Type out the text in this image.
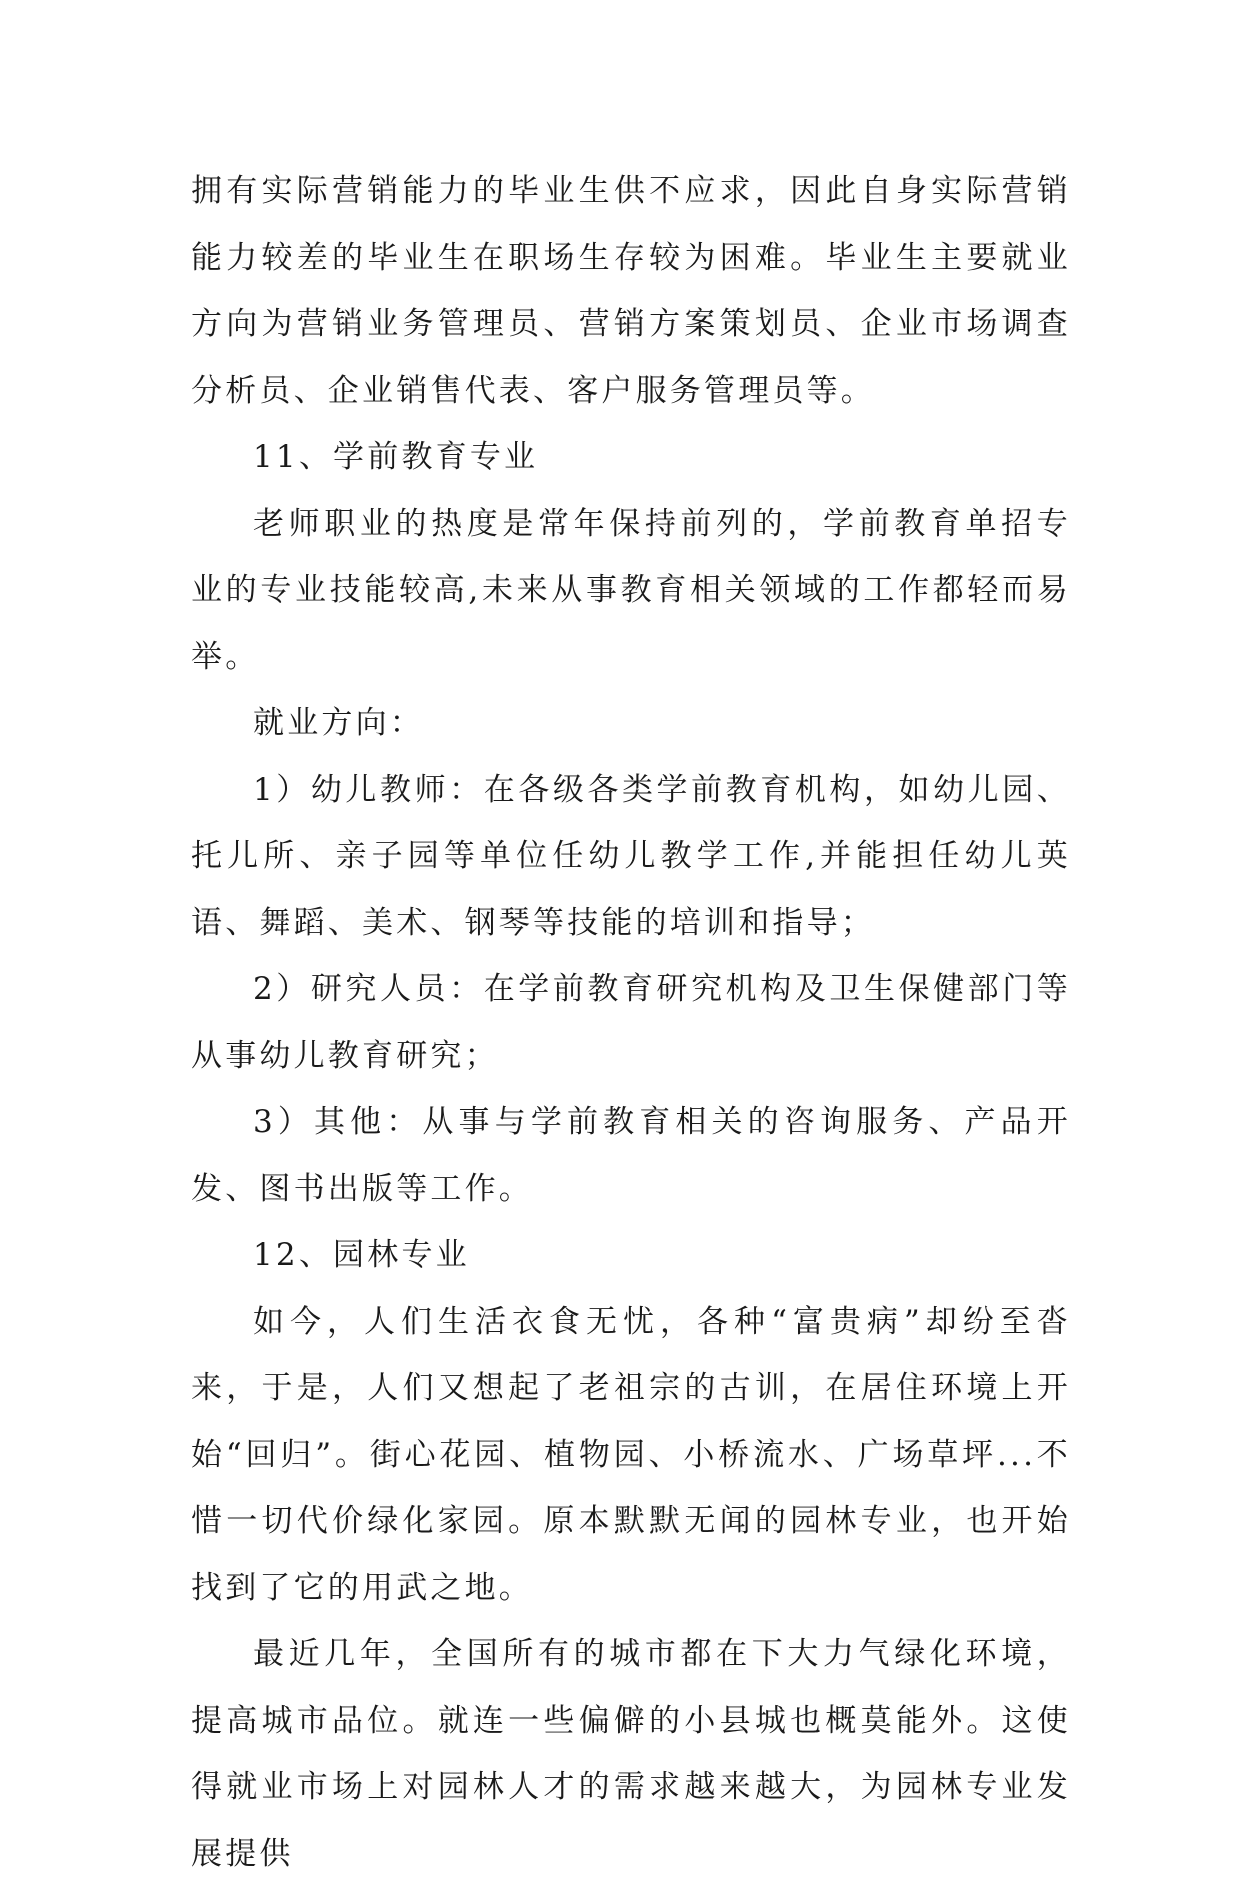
拥有实际营销能力的毕业生供不应求，因此自身实际营销能力较差的毕业生在职场生存较为困难。毕业生主要就业方向为营销业务管理员、营销方案策划员、企业市场调查分析员、企业销售代表、客户服务管理员等。

11、学前教育专业

老师职业的热度是常年保持前列的，学前教育单招专业的专业技能较高,未来从事教育相关领域的工作都轻而易举。

就业方向：

1）幼儿教师：在各级各类学前教育机构，如幼儿园、托儿所、亲子园等单位任幼儿教学工作,并能担任幼儿英语、舞蹈、美术、钢琴等技能的培训和指导；

2）研究人员：在学前教育研究机构及卫生保健部门等从事幼儿教育研究；

3）其他：从事与学前教育相关的咨询服务、产品开发、图书出版等工作。

12、园林专业

如今，人们生活衣食无忧，各种“富贵病”却纷至沓来，于是，人们又想起了老祖宗的古训，在居住环境上开始“回归”。街心花园、植物园、小桥流水、广场草坪...不惜一切代价绿化家园。原本默默无闻的园林专业，也开始找到了它的用武之地。

最近几年，全国所有的城市都在下大力气绿化环境，提高城市品位。就连一些偏僻的小县城也概莫能外。这使得就业市场上对园林人才的需求越来越大，为园林专业发展提供
